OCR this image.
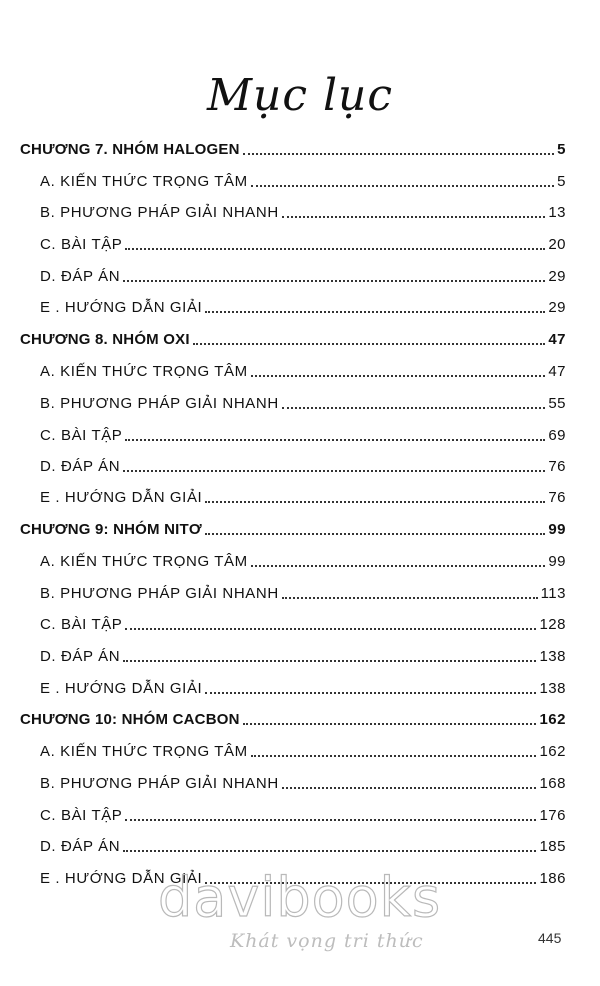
Mục lục
CHƯƠNG 7. NHÓM HALOGEN	5
A. KIẾN THỨC TRỌNG TÂM	5
B. PHƯƠNG PHÁP GIẢI NHANH	13
C. BÀI TẬP	20
D. ĐÁP ÁN	29
E . HƯỚNG DẪN GIẢI	29
CHƯƠNG 8. NHÓM OXI	47
A. KIẾN THỨC TRỌNG TÂM	47
B. PHƯƠNG PHÁP GIẢI NHANH	55
C. BÀI TẬP	69
D. ĐÁP ÁN	76
E . HƯỚNG DẪN GIẢI	76
CHƯƠNG 9: NHÓM NITƠ	99
A. KIẾN THỨC TRỌNG TÂM	99
B. PHƯƠNG PHÁP GIẢI NHANH	113
C. BÀI TẬP	128
D. ĐÁP ÁN	138
E . HƯỚNG DẪN GIẢI	138
CHƯƠNG 10: NHÓM CACBON	162
A. KIẾN THỨC TRỌNG TÂM	162
B. PHƯƠNG PHÁP GIẢI NHANH	168
C. BÀI TẬP	176
D. ĐÁP ÁN	185
E . HƯỚNG DẪN GIẢI	186
davibooks
Khát vọng tri thức	445
